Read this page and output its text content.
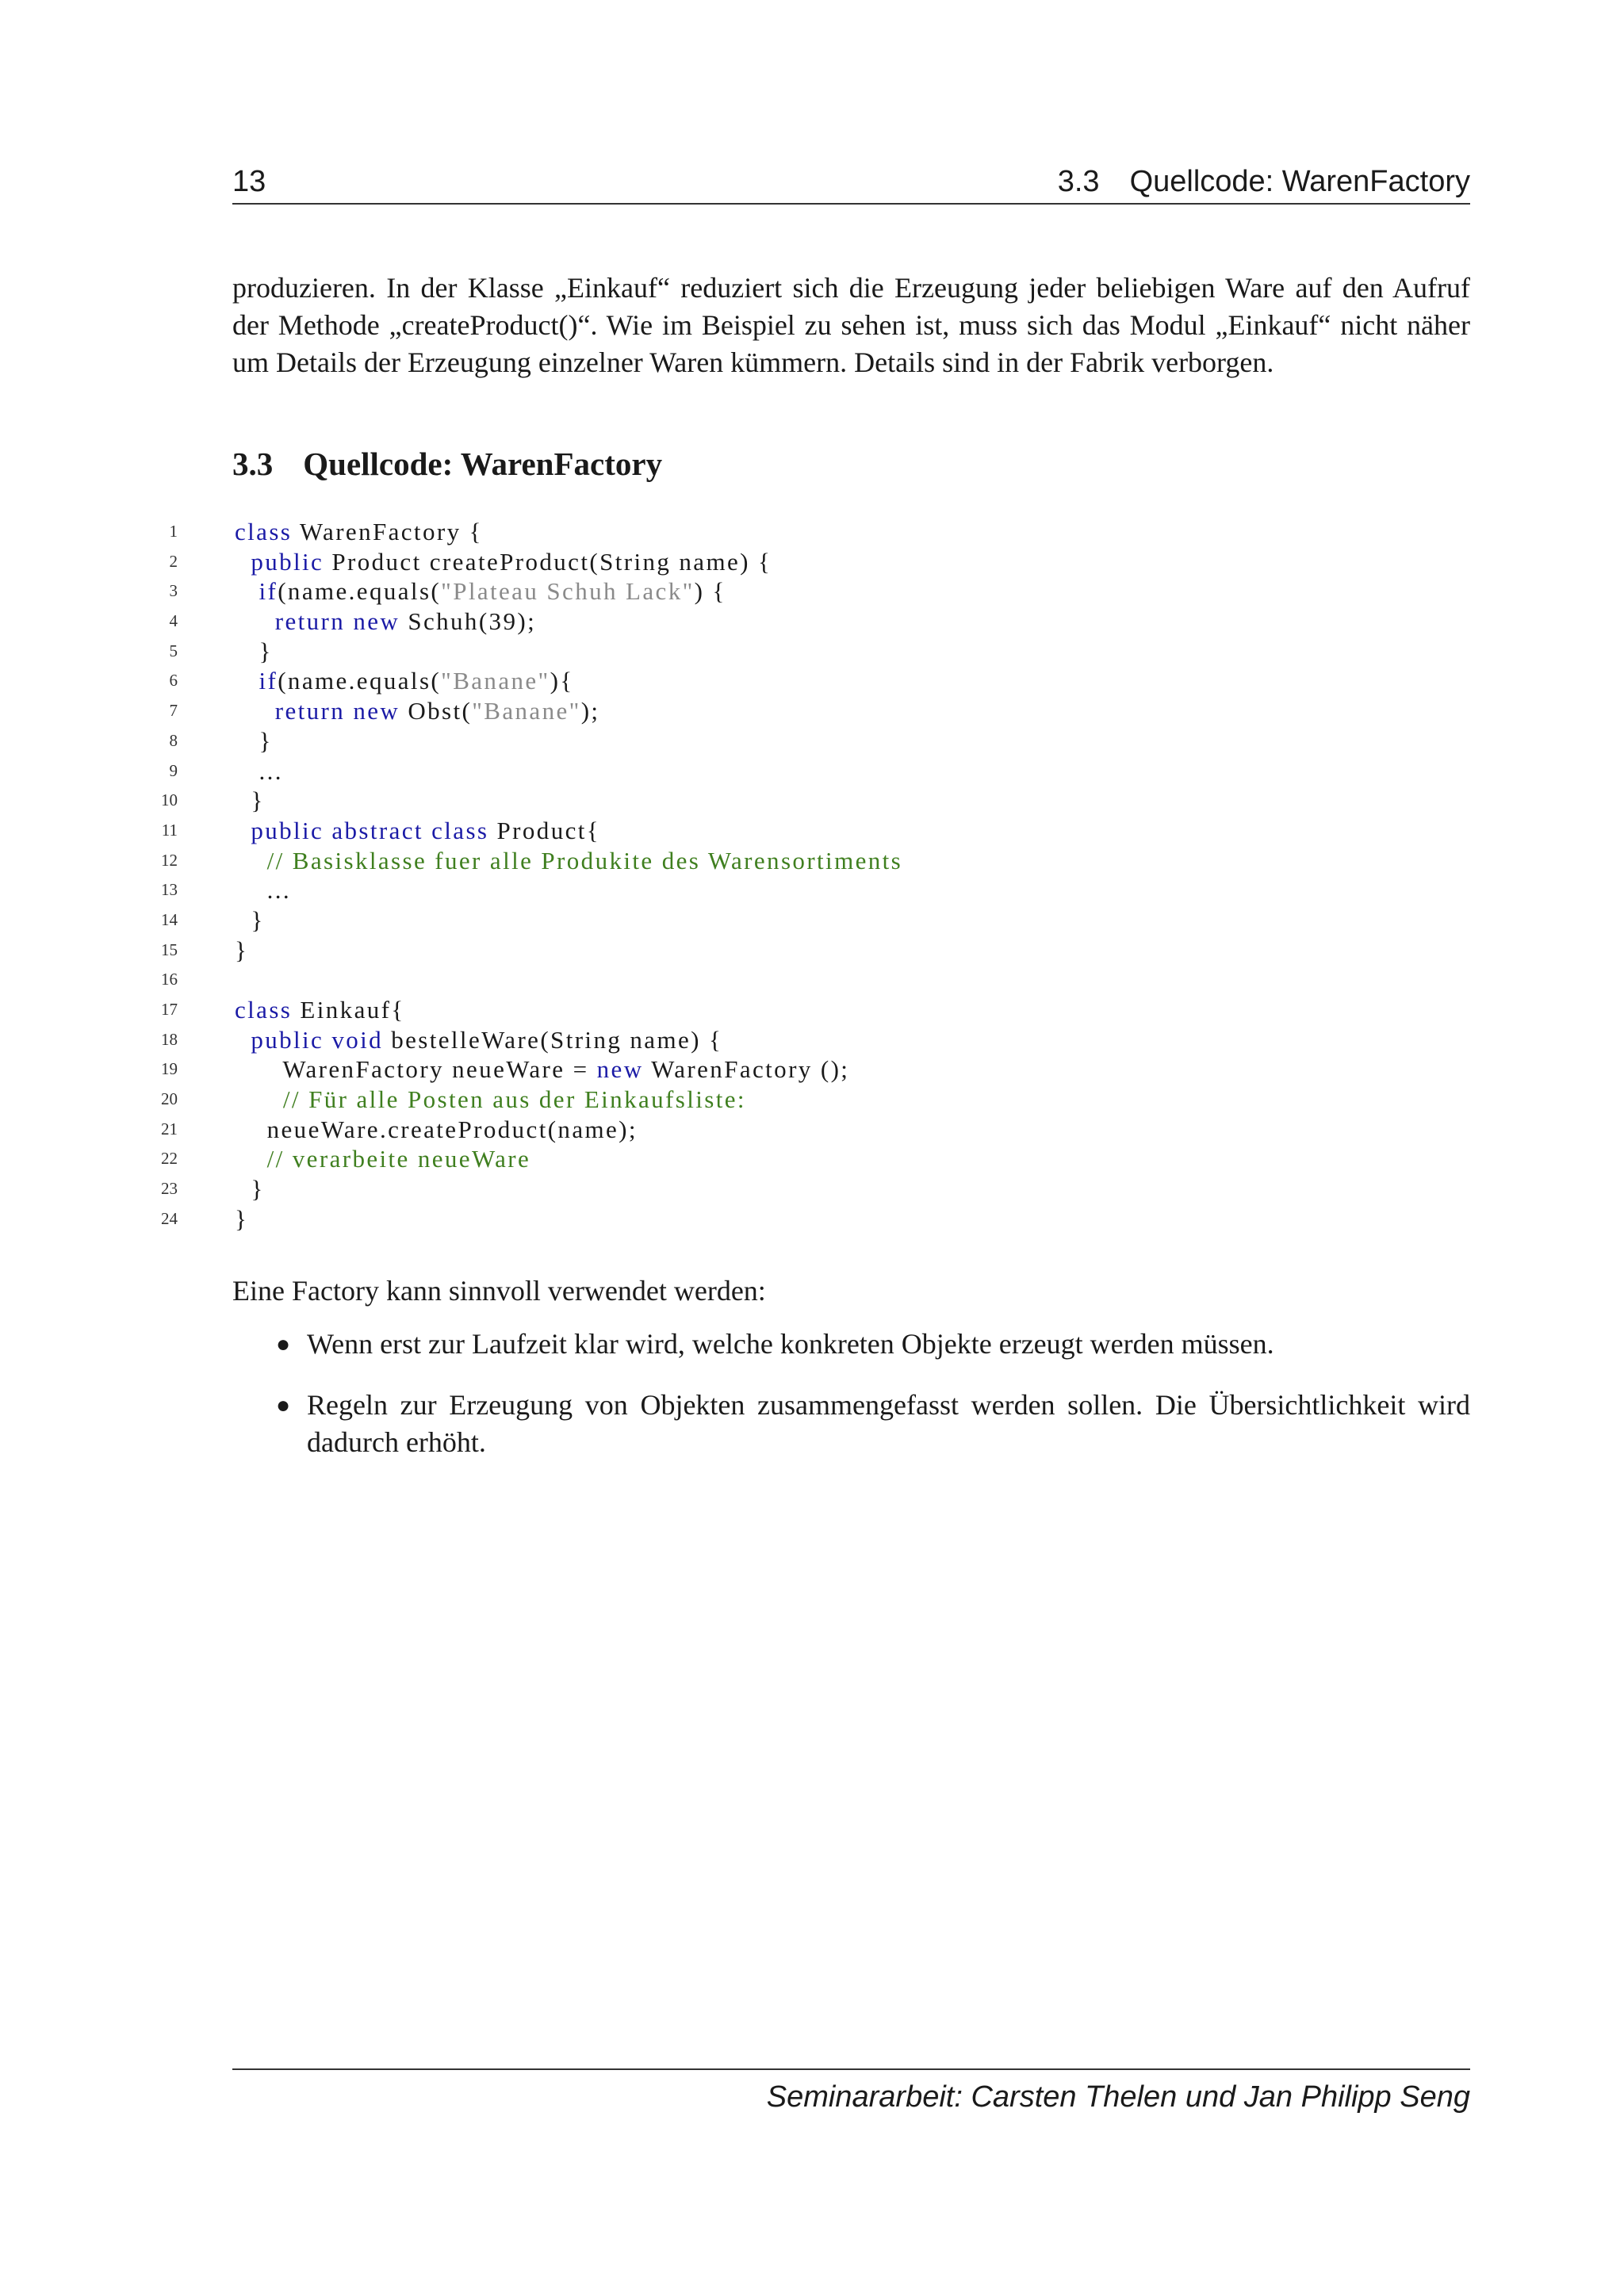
13	3.3 Quellcode: WarenFactory

produzieren. In der Klasse „Einkauf“ reduziert sich die Erzeugung jeder beliebigen Ware auf den Aufruf
der Methode „createProduct()“. Wie im Beispiel zu sehen ist, muss sich das Modul „Einkauf“ nicht näher
um Details der Erzeugung einzelner Waren kümmern. Details sind in der Fabrik verborgen.

3.3 Quellcode: WarenFactory
1 class WarenFactory {
2	public Product createProduct(String name) {
3	if(name.equals("Plateau Schuh Lack") {
4	return new Schuh(39);
5	}
6	if(name.equals("Banane"){
7	return new Obst("Banane");
8	}
9	...
10	}
11	public abstract class Product{
12	// Basisklasse fuer alle Produkite des Warensortiments
13	...
14	}
15 }
16
17 class Einkauf{
18	public void bestelleWare(String name) {
19	WarenFactory neueWare = new WarenFactory ();
20	// Für alle Posten aus der Einkaufsliste:
21	neueWare.createProduct(name);
22	// verarbeite neueWare
23	}
24 }

Eine Factory kann sinnvoll verwendet werden:

● Wenn erst zur Laufzeit klar wird, welche konkreten Objekte erzeugt werden müssen.
● Regeln zur Erzeugung von Objekten zusammengefasst werden sollen. Die Übersichtlichkeit wird
dadurch erhöht.
Seminararbeit: Carsten Thelen und Jan Philipp Seng
